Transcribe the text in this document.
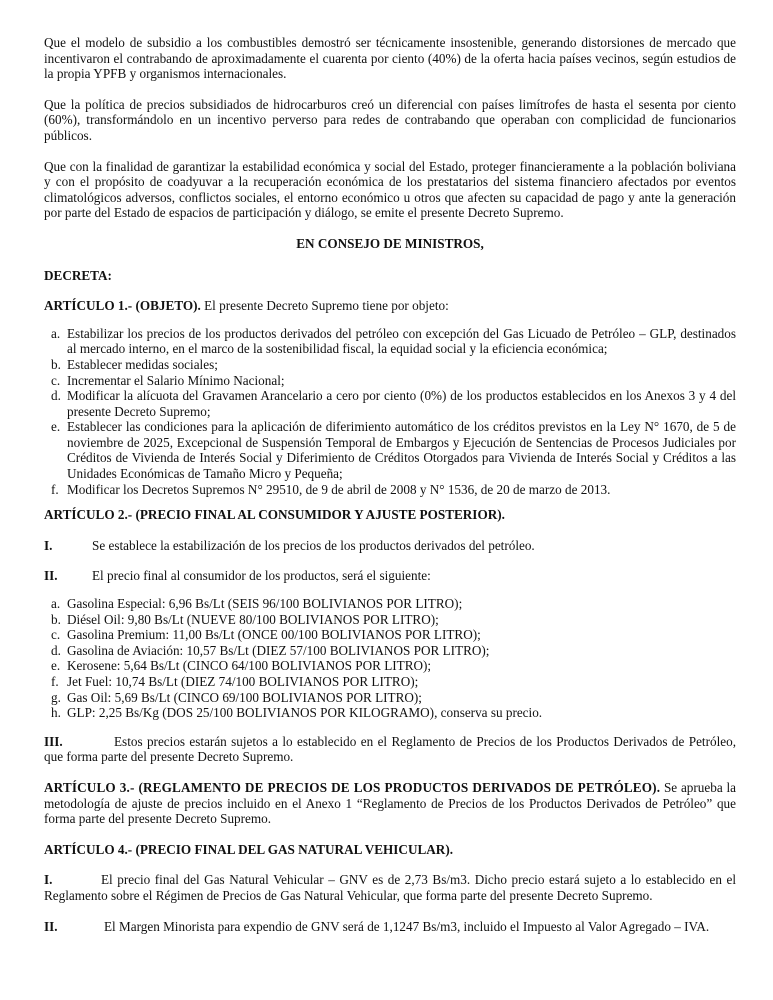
Que el modelo de subsidio a los combustibles demostró ser técnicamente insostenible, generando distorsiones de mercado que incentivaron el contrabando de aproximadamente el cuarenta por ciento (40%) de la oferta hacia países vecinos, según estudios de la propia YPFB y organismos internacionales.

Que la política de precios subsidiados de hidrocarburos creó un diferencial con países limítrofes de hasta el sesenta por ciento (60%), transformándolo en un incentivo perverso para redes de contrabando que operaban con complicidad de funcionarios públicos.

Que con la finalidad de garantizar la estabilidad económica y social del Estado, proteger financieramente a la población boliviana y con el propósito de coadyuvar a la recuperación económica de los prestatarios del sistema financiero afectados por eventos climatológicos adversos, conflictos sociales, el entorno económico u otros que afecten su capacidad de pago y ante la generación por parte del Estado de espacios de participación y diálogo, se emite el presente Decreto Supremo.

EN CONSEJO DE MINISTROS,

DECRETA:

ARTÍCULO 1.- (OBJETO). El presente Decreto Supremo tiene por objeto:

a. Estabilizar los precios de los productos derivados del petróleo con excepción del Gas Licuado de Petróleo – GLP, destinados al mercado interno, en el marco de la sostenibilidad fiscal, la equidad social y la eficiencia económica;
b. Establecer medidas sociales;
c. Incrementar el Salario Mínimo Nacional;
d. Modificar la alícuota del Gravamen Arancelario a cero por ciento (0%) de los productos establecidos en los Anexos 3 y 4 del presente Decreto Supremo;
e. Establecer las condiciones para la aplicación de diferimiento automático de los créditos previstos en la Ley N° 1670, de 5 de noviembre de 2025, Excepcional de Suspensión Temporal de Embargos y Ejecución de Sentencias de Procesos Judiciales por Créditos de Vivienda de Interés Social y Diferimiento de Créditos Otorgados para Vivienda de Interés Social y Créditos a las Unidades Económicas de Tamaño Micro y Pequeña;
f. Modificar los Decretos Supremos N° 29510, de 9 de abril de 2008 y N° 1536, de 20 de marzo de 2013.

ARTÍCULO 2.- (PRECIO FINAL AL CONSUMIDOR Y AJUSTE POSTERIOR).

I.	Se establece la estabilización de los precios de los productos derivados del petróleo.
II.	El precio final al consumidor de los productos, será el siguiente:
a. Gasolina Especial: 6,96 Bs/Lt (SEIS 96/100 BOLIVIANOS POR LITRO);
b. Diésel Oil: 9,80 Bs/Lt (NUEVE 80/100 BOLIVIANOS POR LITRO);
c. Gasolina Premium: 11,00 Bs/Lt (ONCE 00/100 BOLIVIANOS POR LITRO);
d. Gasolina de Aviación: 10,57 Bs/Lt (DIEZ 57/100 BOLIVIANOS POR LITRO);
e. Kerosene: 5,64 Bs/Lt (CINCO 64/100 BOLIVIANOS POR LITRO);
f. Jet Fuel: 10,74 Bs/Lt (DIEZ 74/100 BOLIVIANOS POR LITRO);
g. Gas Oil: 5,69 Bs/Lt (CINCO 69/100 BOLIVIANOS POR LITRO);
h. GLP: 2,25 Bs/Kg (DOS 25/100 BOLIVIANOS POR KILOGRAMO), conserva su precio.

III.	Estos precios estarán sujetos a lo establecido en el Reglamento de Precios de los Productos Derivados de Petróleo, que forma parte del presente Decreto Supremo.

ARTÍCULO 3.- (REGLAMENTO DE PRECIOS DE LOS PRODUCTOS DERIVADOS DE PETRÓLEO). Se aprueba la metodología de ajuste de precios incluido en el Anexo 1 “Reglamento de Precios de los Productos Derivados de Petróleo” que forma parte del presente Decreto Supremo.

ARTÍCULO 4.- (PRECIO FINAL DEL GAS NATURAL VEHICULAR).

I.	El precio final del Gas Natural Vehicular – GNV es de 2,73 Bs/m3. Dicho precio estará sujeto a lo establecido en el Reglamento sobre el Régimen de Precios de Gas Natural Vehicular, que forma parte del presente Decreto Supremo.

II.	El Margen Minorista para expendio de GNV será de 1,1247 Bs/m3, incluido el Impuesto al Valor Agregado – IVA.
